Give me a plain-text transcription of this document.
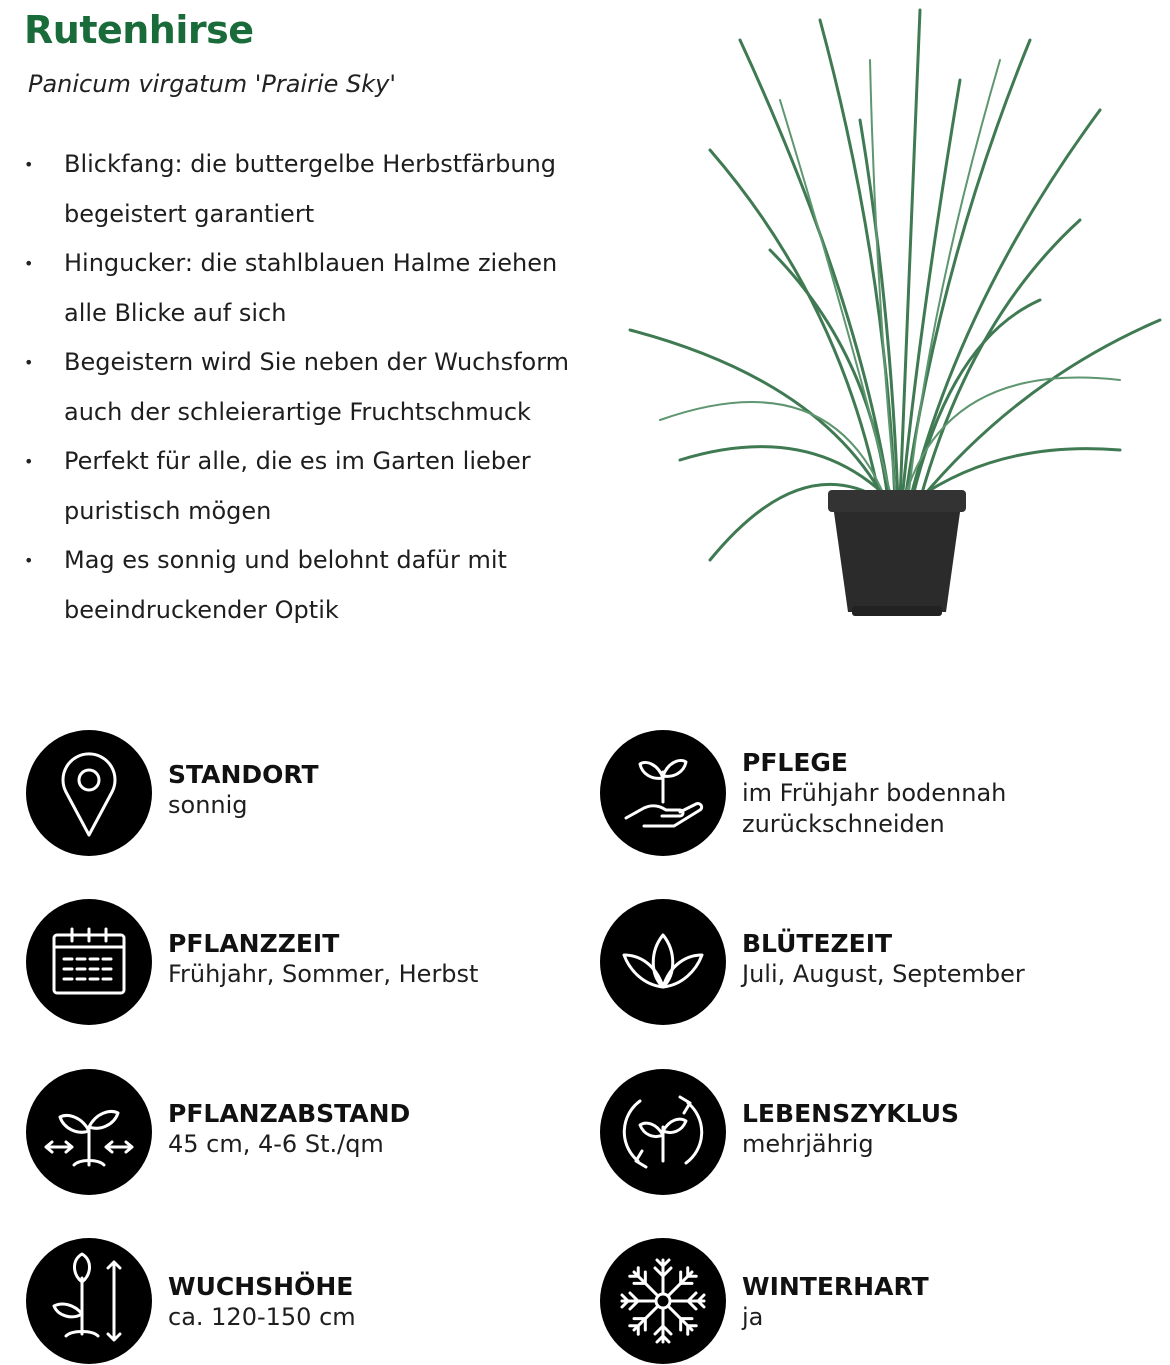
Rutenhirse
Panicum virgatum 'Prairie Sky'
• Blickfang: die buttergelbe Herbstfärbung begeistert garantiert
• Hingucker: die stahlblauen Halme ziehen alle Blicke auf sich
• Begeistern wird Sie neben der Wuchsform auch der schleierartige Fruchtschmuck
• Perfekt für alle, die es im Garten lieber puristisch mögen
• Mag es sonnig und belohnt dafür mit beeindruckender Optik
STANDORT
sonnig
PFLEGE
im Frühjahr bodennah zurückschneiden
PFLANZZEIT
Frühjahr, Sommer, Herbst
BLÜTEZEIT
Juli, August, September
PFLANZABSTAND
45 cm, 4-6 St./qm
LEBENSZYKLUS
mehrjährig
WUCHSHÖHE
ca. 120-150 cm
WINTERHART
ja
